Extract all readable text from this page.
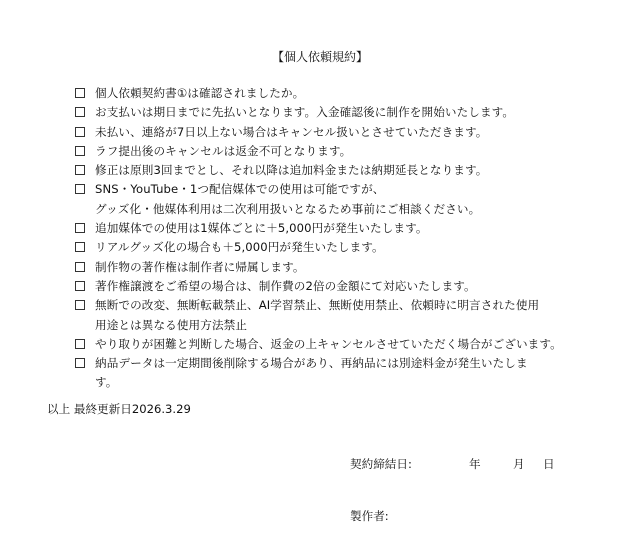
【個人依頼規約】
個人依頼契約書①は確認されましたか。
お支払いは期日までに先払いとなります。入金確認後に制作を開始いたします。
未払い、連絡が7日以上ない場合はキャンセル扱いとさせていただきます。
ラフ提出後のキャンセルは返金不可となります。
修正は原則3回までとし、それ以降は追加料金または納期延長となります。
SNS・YouTube・1つ配信媒体での使用は可能ですが、
グッズ化・他媒体利用は二次利用扱いとなるため事前にご相談ください。
追加媒体での使用は1媒体ごとに＋5,000円が発生いたします。
リアルグッズ化の場合も＋5,000円が発生いたします。
制作物の著作権は制作者に帰属します。
著作権譲渡をご希望の場合は、制作費の2倍の金額にて対応いたします。
無断での改変、無断転載禁止、AI学習禁止、無断使用禁止、依頼時に明言された使用
用途とは異なる使用方法禁止
やり取りが困難と判断した場合、返金の上キャンセルさせていただく場合がございます。
納品データは一定期間後削除する場合があり、再納品には別途料金が発生いたしま
す。
以上 最終更新日2026.3.29
契約締結日:	年	月 日
製作者:
